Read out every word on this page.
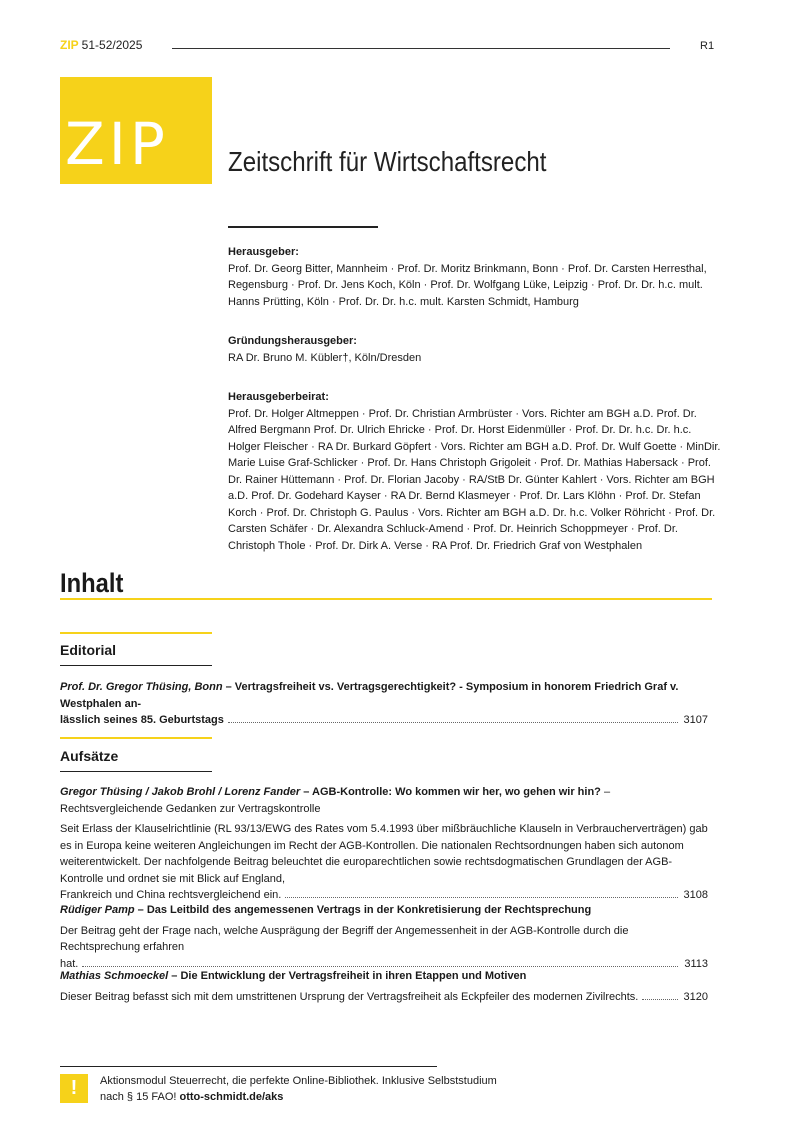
ZIP 51-52/2025	R1
ZIP Zeitschrift für Wirtschaftsrecht
Herausgeber:
Prof. Dr. Georg Bitter, Mannheim · Prof. Dr. Moritz Brinkmann, Bonn · Prof. Dr. Carsten Herresthal, Regensburg · Prof. Dr. Jens Koch, Köln · Prof. Dr. Wolfgang Lüke, Leipzig · Prof. Dr. Dr. h.c. mult. Hanns Prütting, Köln · Prof. Dr. Dr. h.c. mult. Karsten Schmidt, Hamburg
Gründungsherausgeber:
RA Dr. Bruno M. Kübler†, Köln/Dresden
Herausgeberbeirat:
Prof. Dr. Holger Altmeppen · Prof. Dr. Christian Armbrüster · Vors. Richter am BGH a.D. Prof. Dr. Alfred Bergmann Prof. Dr. Ulrich Ehricke · Prof. Dr. Horst Eidenmüller · Prof. Dr. Dr. h.c. Dr. h.c. Holger Fleischer · RA Dr. Burkard Göpfert · Vors. Richter am BGH a.D. Prof. Dr. Wulf Goette · MinDir. Marie Luise Graf-Schlicker · Prof. Dr. Hans Christoph Grigoleit · Prof. Dr. Mathias Habersack · Prof. Dr. Rainer Hüttemann · Prof. Dr. Florian Jacoby · RA/StB Dr. Günter Kahlert · Vors. Richter am BGH a.D. Prof. Dr. Godehard Kayser · RA Dr. Bernd Klasmeyer · Prof. Dr. Lars Klöhn · Prof. Dr. Stefan Korch · Prof. Dr. Christoph G. Paulus · Vors. Richter am BGH a.D. Dr. h.c. Volker Röhricht · Prof. Dr. Carsten Schäfer · Dr. Alexandra Schluck-Amend · Prof. Dr. Heinrich Schoppmeyer · Prof. Dr. Christoph Thole · Prof. Dr. Dirk A. Verse · RA Prof. Dr. Friedrich Graf von Westphalen
Inhalt
Editorial
Prof. Dr. Gregor Thüsing, Bonn – Vertragsfreiheit vs. Vertragsgerechtigkeit? - Symposium in honorem Friedrich Graf v. Westphalen an-
lässlich seines 85. Geburtstags	3107
Aufsätze
Gregor Thüsing / Jakob Brohl / Lorenz Fander – AGB-Kontrolle: Wo kommen wir her, wo gehen wir hin? – Rechtsvergleichende Gedanken zur Vertragskontrolle
Seit Erlass der Klauselrichtlinie (RL 93/13/EWG des Rates vom 5.4.1993 über mißbräuchliche Klauseln in Verbraucherverträgen) gab es in Europa keine weiteren Angleichungen im Recht der AGB-Kontrollen. Die nationalen Rechtsordnungen haben sich autonom weiterentwickelt. Der nachfolgende Beitrag beleuchtet die europarechtlichen sowie rechtsdogmatischen Grundlagen der AGB-Kontrolle und ordnet sie mit Blick auf England,
Frankreich und China rechtsvergleichend ein.	3108
Rüdiger Pamp – Das Leitbild des angemessenen Vertrags in der Konkretisierung der Rechtsprechung
Der Beitrag geht der Frage nach, welche Ausprägung der Begriff der Angemessenheit in der AGB-Kontrolle durch die Rechtsprechung erfahren
hat.	3113
Mathias Schmoeckel – Die Entwicklung der Vertragsfreiheit in ihren Etappen und Motiven
Dieser Beitrag befasst sich mit dem umstrittenen Ursprung der Vertragsfreiheit als Eckpfeiler des modernen Zivilrechts.	3120
!	Aktionsmodul Steuerrecht, die perfekte Online-Bibliothek. Inklusive Selbststudium nach § 15 FAO! otto-schmidt.de/aks
